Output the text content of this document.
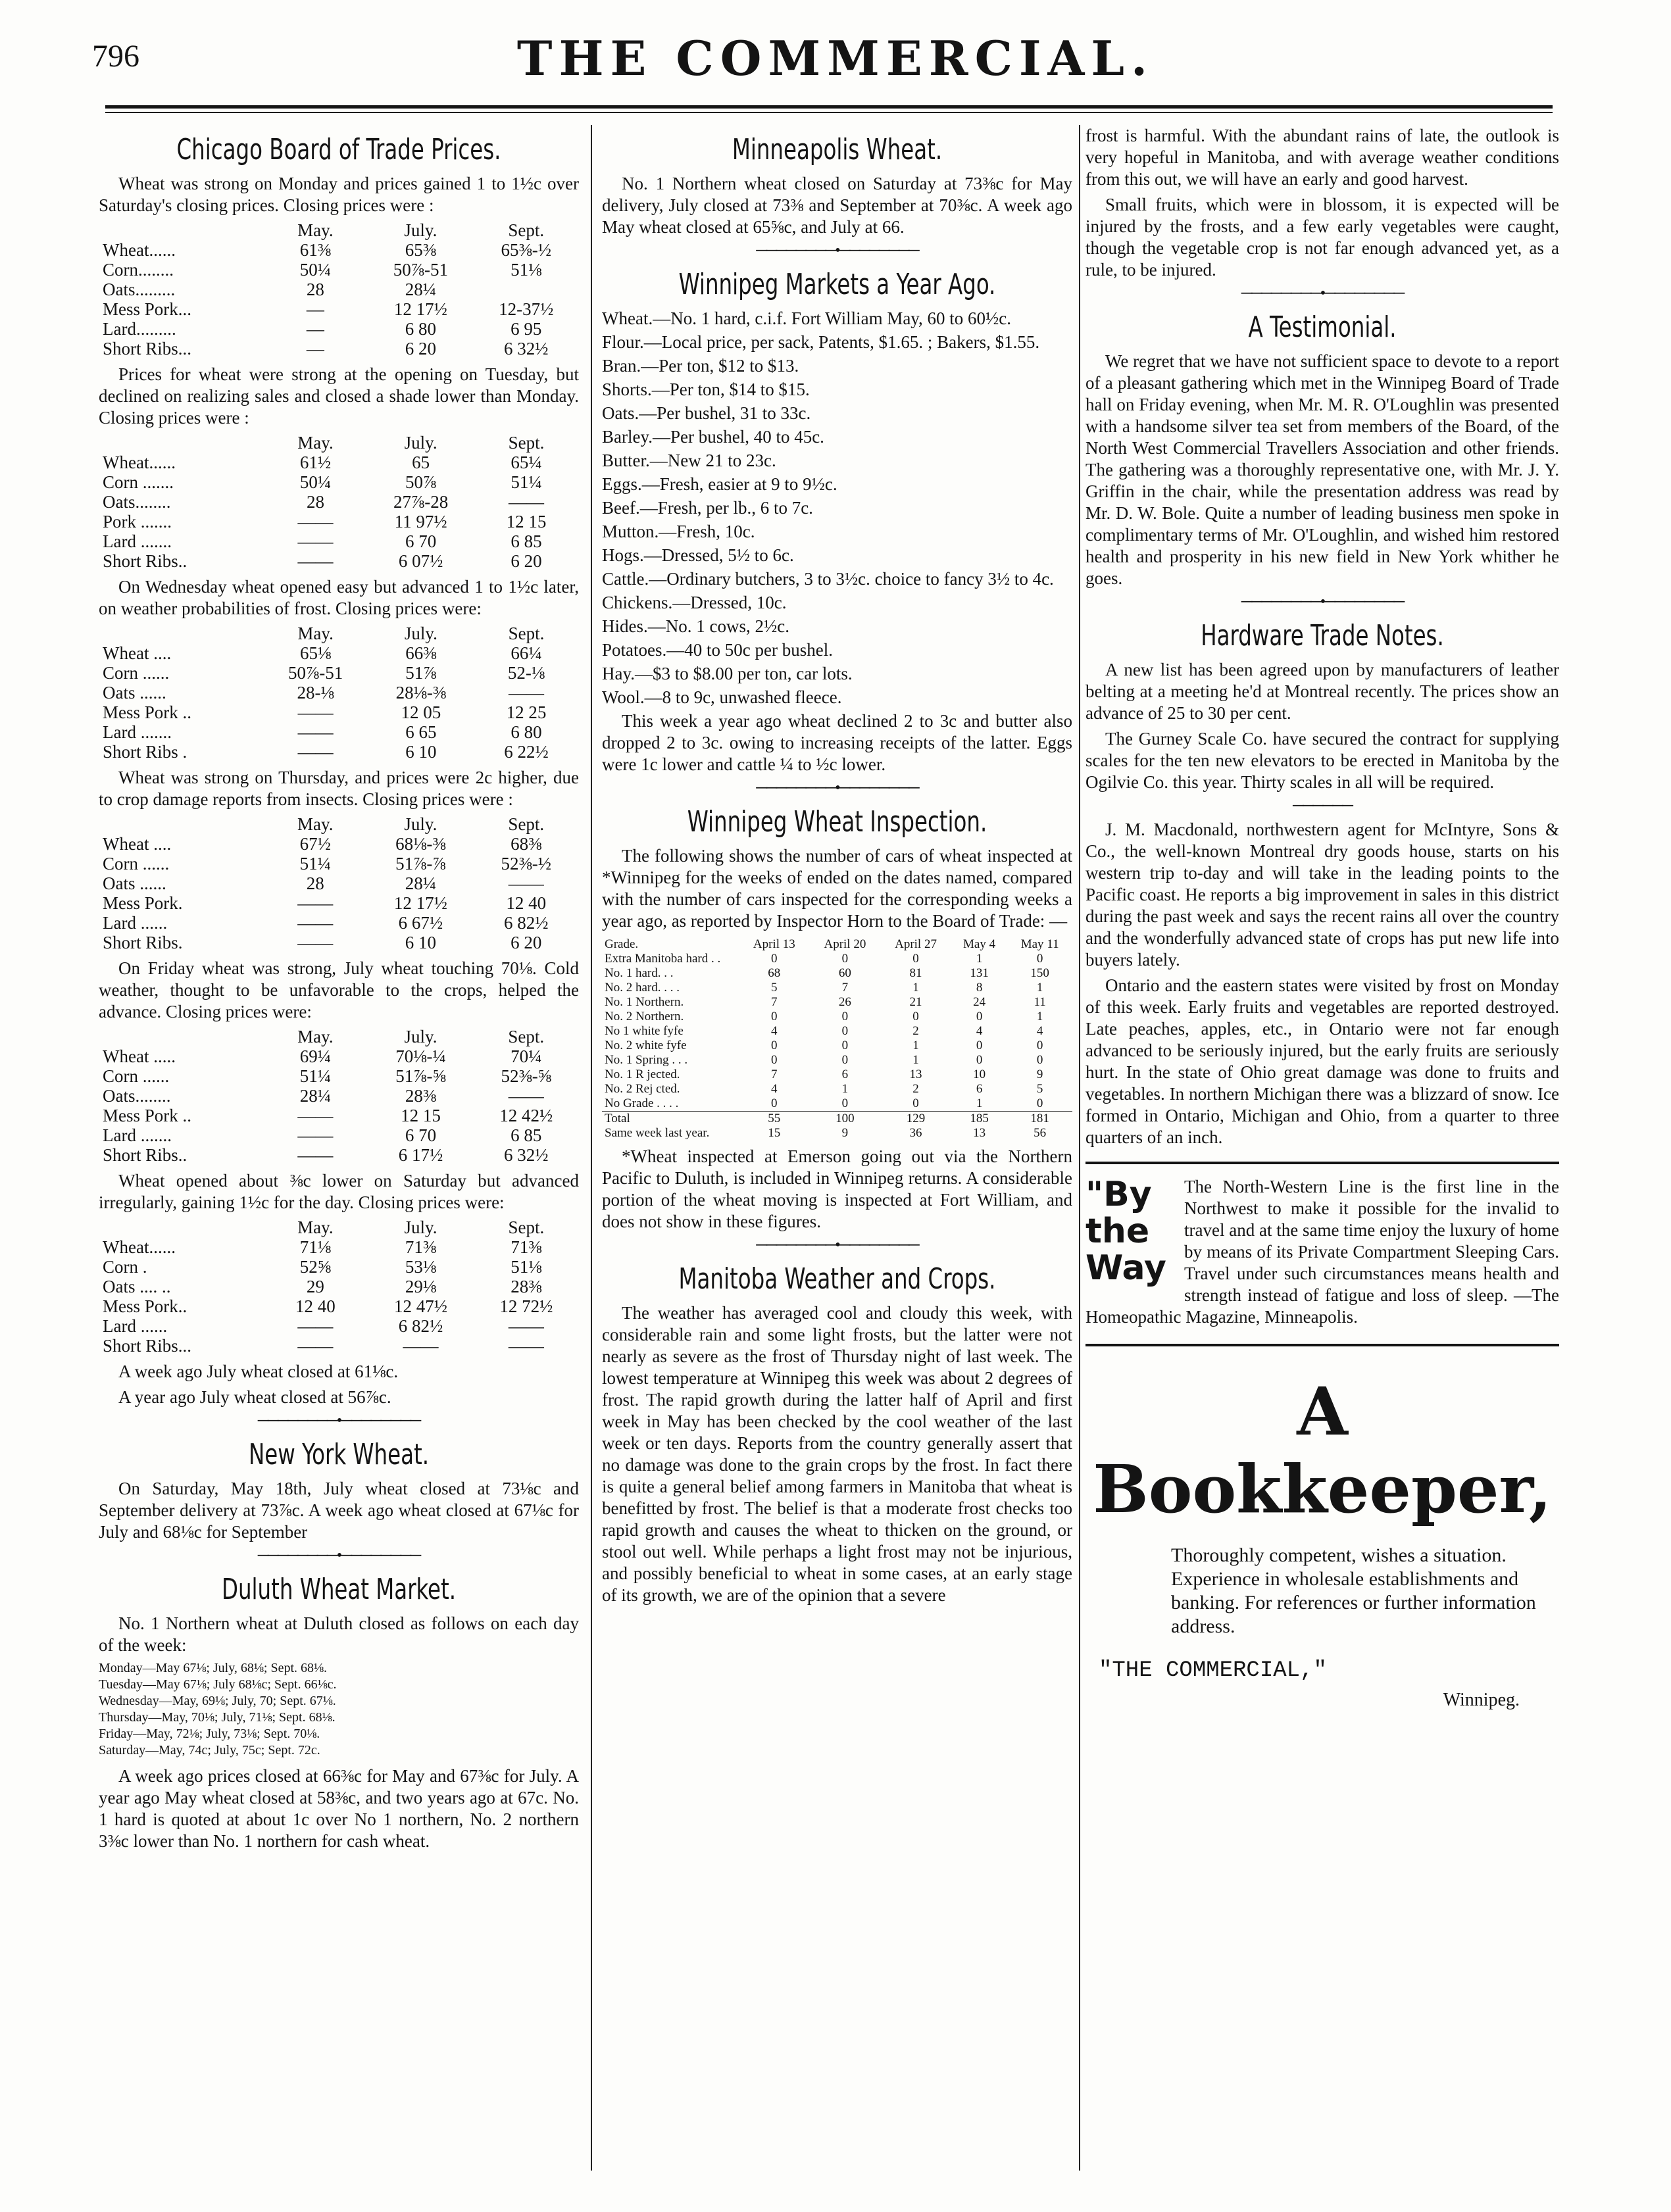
796	THE COMMERCIAL.
Chicago Board of Trade Prices.

Wheat was strong on Monday and prices gained 1 to 1½c over Saturday's closing prices. Closing prices were :

	May.	July.	Sept.
Wheat......	61⅜	65⅜	65⅜-½
Corn........	50¼	50⅞-51	51⅛
Oats.........	28	28¼	
Mess Pork...	—	12 17½	12-37½
Lard.........	—	6 80	6 95
Short Ribs...	—	6 20	6 32½

Prices for wheat were strong at the opening on Tuesday, but declined on realizing sales and closed a shade lower than Monday. Closing prices were :

	May.	July.	Sept.
Wheat......	61½	65	65¼
Corn .......	50¼	50⅞	51¼
Oats........	28	27⅞-28	——
Pork .......	——	11 97½	12 15
Lard .......	——	6 70	6 85
Short Ribs..	——	6 07½	6 20

On Wednesday wheat opened easy but advanced 1 to 1½c later, on weather probabilities of frost. Closing prices were:

	May.	July.	Sept.
Wheat ....	65⅛	66⅜	66¼
Corn ......	50⅞-51	51⅞	52-⅛
Oats ......	28-⅛	28⅛-⅜	——
Mess Pork ..	——	12 05	12 25
Lard .......	——	6 65	6 80
Short Ribs .	——	6 10	6 22½

Wheat was strong on Thursday, and prices were 2c higher, due to crop damage reports from insects. Closing prices were :

	May.	July.	Sept.
Wheat ....	67½	68⅛-⅜	68⅜
Corn ......	51¼	51⅞-⅞	52⅜-½
Oats ......	28	28¼	——
Mess Pork.	——	12 17½	12 40
Lard ......	——	6 67½	6 82½
Short Ribs.	——	6 10	6 20

On Friday wheat was strong, July wheat touching 70⅛. Cold weather, thought to be unfavorable to the crops, helped the advance. Closing prices were:

	May.	July.	Sept.
Wheat .....	69¼	70⅛-¼	70¼
Corn ......	51¼	51⅞-⅝	52⅜-⅝
Oats........	28¼	28⅜	——
Mess Pork ..	——	12 15	12 42½
Lard .......	——	6 70	6 85
Short Ribs..	——	6 17½	6 32½

Wheat opened about ⅜c lower on Saturday but advanced irregularly, gaining 1½c for the day. Closing prices were:

	May.	July.	Sept.
Wheat......	71⅛	71⅜	71⅜
Corn .	52⅝	53⅛	51⅛
Oats .... ..	29	29⅛	28⅜
Mess Pork..	12 40	12 47½	12 72½
Lard ......	——	6 82½	——
Short Ribs...	——	——	——

A week ago July wheat closed at 61⅛c.

A year ago July wheat closed at 56⅞c.

────────•────────
New York Wheat.

On Saturday, May 18th, July wheat closed at 73⅛c and September delivery at 73⅞c. A week ago wheat closed at 67⅛c for July and 68⅛c for September

────────•────────
Duluth Wheat Market.

No. 1 Northern wheat at Duluth closed as follows on each day of the week:

Monday—May 67⅛; July, 68⅛; Sept. 68⅛.
Tuesday—May 67⅛; July 68⅛c; Sept. 66⅛c.
Wednesday—May, 69⅛; July, 70; Sept. 67⅛.
Thursday—May, 70⅛; July, 71⅛; Sept. 68⅛.
Friday—May, 72⅛; July, 73⅛; Sept. 70⅛.
Saturday—May, 74c; July, 75c; Sept. 72c.

A week ago prices closed at 66⅜c for May and 67⅜c for July. A year ago May wheat closed at 58⅜c, and two years ago at 67c. No. 1 hard is quoted at about 1c over No 1 northern, No. 2 northern 3⅜c lower than No. 1 northern for cash wheat.

Minneapolis Wheat.

No. 1 Northern wheat closed on Saturday at 73⅜c for May delivery, July closed at 73⅜ and September at 70⅜c. A week ago May wheat closed at 65⅝c, and July at 66.

────────•────────
Winnipeg Markets a Year Ago.
Wheat.—No. 1 hard, c.i.f. Fort William May, 60 to 60½c.
Flour.—Local price, per sack, Patents, $1.65. ; Bakers, $1.55.
Bran.—Per ton, $12 to $13.
Shorts.—Per ton, $14 to $15.
Oats.—Per bushel, 31 to 33c.
Barley.—Per bushel, 40 to 45c.
Butter.—New 21 to 23c.
Eggs.—Fresh, easier at 9 to 9½c.
Beef.—Fresh, per lb., 6 to 7c.
Mutton.—Fresh, 10c.
Hogs.—Dressed, 5½ to 6c.
Cattle.—Ordinary butchers, 3 to 3½c. choice to fancy 3½ to 4c.
Chickens.—Dressed, 10c.
Hides.—No. 1 cows, 2½c.
Potatoes.—40 to 50c per bushel.
Hay.—$3 to $8.00 per ton, car lots.
Wool.—8 to 9c, unwashed fleece.

This week a year ago wheat declined 2 to 3c and butter also dropped 2 to 3c. owing to increasing receipts of the latter. Eggs were 1c lower and cattle ¼ to ½c lower.

────────•────────
Winnipeg Wheat Inspection.

The following shows the number of cars of wheat inspected at *Winnipeg for the weeks of ended on the dates named, compared with the number of cars inspected for the corresponding weeks a year ago, as reported by Inspector Horn to the Board of Trade: —

Grade.	April 13	April 20	April 27	May 4	May 11
Extra Manitoba hard . .	0	0	0	1	0
No. 1 hard. . .	68	60	81	131	150
No. 2 hard. . . .	5	7	1	8	1
No. 1 Northern.	7	26	21	24	11
No. 2 Northern.	0	0	0	0	1
No 1 white fyfe	4	0	2	4	4
No. 2 white fyfe	0	0	1	0	0
No. 1 Spring . . .	0	0	1	0	0
No. 1 R jected.	7	6	13	10	9
No. 2 Rej cted.	4	1	2	6	5
No Grade . . . .	0	0	0	1	0
Total	55	100	129	185	181
Same week last year.	15	9	36	13	56

*Wheat inspected at Emerson going out via the Northern Pacific to Duluth, is included in Winnipeg returns. A considerable portion of the wheat moving is inspected at Fort William, and does not show in these figures.

────────•────────
Manitoba Weather and Crops.

The weather has averaged cool and cloudy this week, with considerable rain and some light frosts, but the latter were not nearly as severe as the frost of Thursday night of last week. The lowest temperature at Winnipeg this week was about 2 degrees of frost. The rapid growth during the latter half of April and first week in May has been checked by the cool weather of the last week or ten days. Reports from the country generally assert that no damage was done to the grain crops by the frost. In fact there is quite a general belief among farmers in Manitoba that wheat is benefitted by frost. The belief is that a moderate frost checks too rapid growth and causes the wheat to thicken on the ground, or stool out well. While perhaps a light frost may not be injurious, and possibly beneficial to wheat in some cases, at an early stage of its growth, we are of the opinion that a severe

frost is harmful. With the abundant rains of late, the outlook is very hopeful in Manitoba, and with average weather conditions from this out, we will have an early and good harvest.

Small fruits, which were in blossom, it is expected will be injured by the frosts, and a few early vegetables were caught, though the vegetable crop is not far enough advanced yet, as a rule, to be injured.

────────•────────
A Testimonial.

We regret that we have not sufficient space to devote to a report of a pleasant gathering which met in the Winnipeg Board of Trade hall on Friday evening, when Mr. M. R. O'Loughlin was presented with a handsome silver tea set from members of the Board, of the North West Commercial Travellers Association and other friends. The gathering was a thoroughly representative one, with Mr. J. Y. Griffin in the chair, while the presentation address was read by Mr. D. W. Bole. Quite a number of leading business men spoke in complimentary terms of Mr. O'Loughlin, and wished him restored health and prosperity in his new field in New York whither he goes.

────────•────────
Hardware Trade Notes.

A new list has been agreed upon by manufacturers of leather belting at a meeting he'd at Montreal recently. The prices show an advance of 25 to 30 per cent.

The Gurney Scale Co. have secured the contract for supplying scales for the ten new elevators to be erected in Manitoba by the Ogilvie Co. this year. Thirty scales in all will be required.

──────

J. M. Macdonald, northwestern agent for McIntyre, Sons & Co., the well-known Montreal dry goods house, starts on his western trip to-day and will take in the leading points to the Pacific coast. He reports a big improvement in sales in this district during the past week and says the recent rains all over the country and the wonderfully advanced state of crops has put new life into buyers lately.

Ontario and the eastern states were visited by frost on Monday of this week. Early fruits and vegetables are reported destroyed. Late peaches, apples, etc., in Ontario were not far enough advanced to be seriously injured, but the early fruits are seriously hurt. In the state of Ohio great damage was done to fruits and vegetables. In northern Michigan there was a blizzard of snow. Ice formed in Ontario, Michigan and Ohio, from a quarter to three quarters of an inch.

"By the Way

The North-Western Line is the first line in the Northwest to make it possible for the invalid to travel and at the same time enjoy the luxury of home by means of its Private Compartment Sleeping Cars. Travel under such circumstances means health and strength instead of fatigue and loss of sleep. —The Homeopathic Magazine, Minneapolis.

A Bookkeeper,
Thoroughly competent, wishes a situation. Experience in wholesale establishments and banking. For references or further information address.
"THE COMMERCIAL,"
Winnipeg.
